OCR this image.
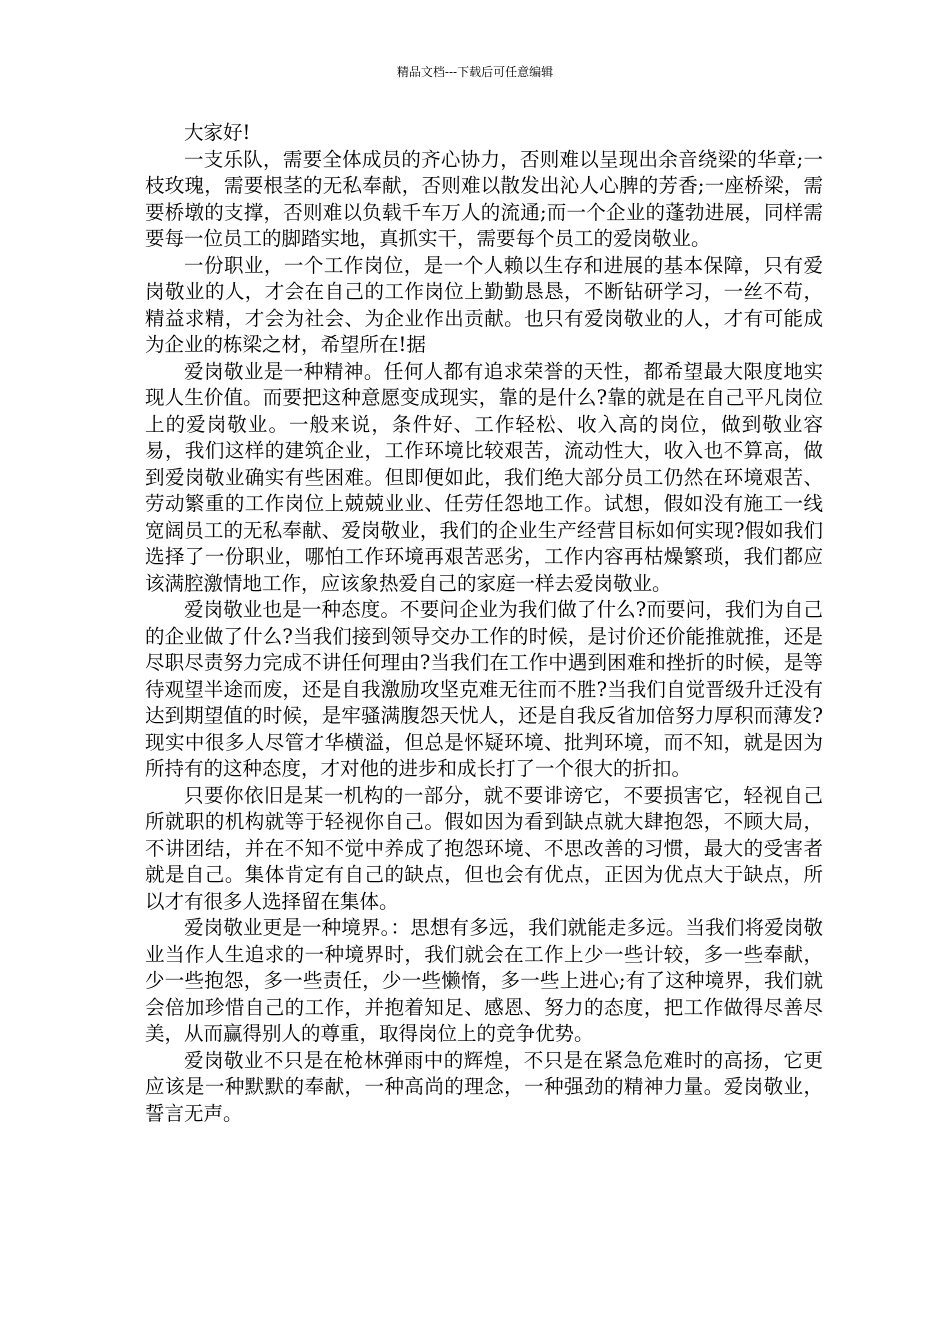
精品文档---下载后可任意编辑

大家好!

一支乐队，需要全体成员的齐心协力，否则难以呈现出余音绕梁的华章;一枝玫瑰，需要根茎的无私奉献，否则难以散发出沁人心脾的芳香;一座桥梁，需要桥墩的支撑，否则难以负载千车万人的流通;而一个企业的蓬勃进展，同样需要每一位员工的脚踏实地，真抓实干，需要每个员工的爱岗敬业。

一份职业，一个工作岗位，是一个人赖以生存和进展的基本保障，只有爱岗敬业的人，才会在自己的工作岗位上勤勤恳恳，不断钻研学习，一丝不苟，精益求精，才会为社会、为企业作出贡献。也只有爱岗敬业的人，才有可能成为企业的栋梁之材，希望所在!据

爱岗敬业是一种精神。任何人都有追求荣誉的天性，都希望最大限度地实现人生价值。而要把这种意愿变成现实，靠的是什么?靠的就是在自己平凡岗位上的爱岗敬业。一般来说，条件好、工作轻松、收入高的岗位，做到敬业容易，我们这样的建筑企业，工作环境比较艰苦，流动性大，收入也不算高，做到爱岗敬业确实有些困难。但即便如此，我们绝大部分员工仍然在环境艰苦、劳动繁重的工作岗位上兢兢业业、任劳任怨地工作。试想，假如没有施工一线宽阔员工的无私奉献、爱岗敬业，我们的企业生产经营目标如何实现?假如我们选择了一份职业，哪怕工作环境再艰苦恶劣，工作内容再枯燥繁琐，我们都应该满腔激情地工作，应该象热爱自己的家庭一样去爱岗敬业。

爱岗敬业也是一种态度。不要问企业为我们做了什么?而要问，我们为自己的企业做了什么?当我们接到领导交办工作的时候，是讨价还价能推就推，还是尽职尽责努力完成不讲任何理由?当我们在工作中遇到困难和挫折的时候，是等待观望半途而废，还是自我激励攻坚克难无往而不胜?当我们自觉晋级升迁没有达到期望值的时候，是牢骚满腹怨天忧人，还是自我反省加倍努力厚积而薄发?现实中很多人尽管才华横溢，但总是怀疑环境、批判环境，而不知，就是因为所持有的这种态度，才对他的进步和成长打了一个很大的折扣。

只要你依旧是某一机构的一部分，就不要诽谤它，不要损害它，轻视自己所就职的机构就等于轻视你自己。假如因为看到缺点就大肆抱怨，不顾大局，不讲团结，并在不知不觉中养成了抱怨环境、不思改善的习惯，最大的受害者就是自己。集体肯定有自己的缺点，但也会有优点，正因为优点大于缺点，所以才有很多人选择留在集体。

爱岗敬业更是一种境界。：思想有多远，我们就能走多远。当我们将爱岗敬业当作人生追求的一种境界时，我们就会在工作上少一些计较，多一些奉献，少一些抱怨，多一些责任，少一些懒惰，多一些上进心;有了这种境界，我们就会倍加珍惜自己的工作，并抱着知足、感恩、努力的态度，把工作做得尽善尽美，从而赢得别人的尊重，取得岗位上的竞争优势。

爱岗敬业不只是在枪林弹雨中的辉煌，不只是在紧急危难时的高扬，它更应该是一种默默的奉献，一种高尚的理念，一种强劲的精神力量。爱岗敬业，誓言无声。
